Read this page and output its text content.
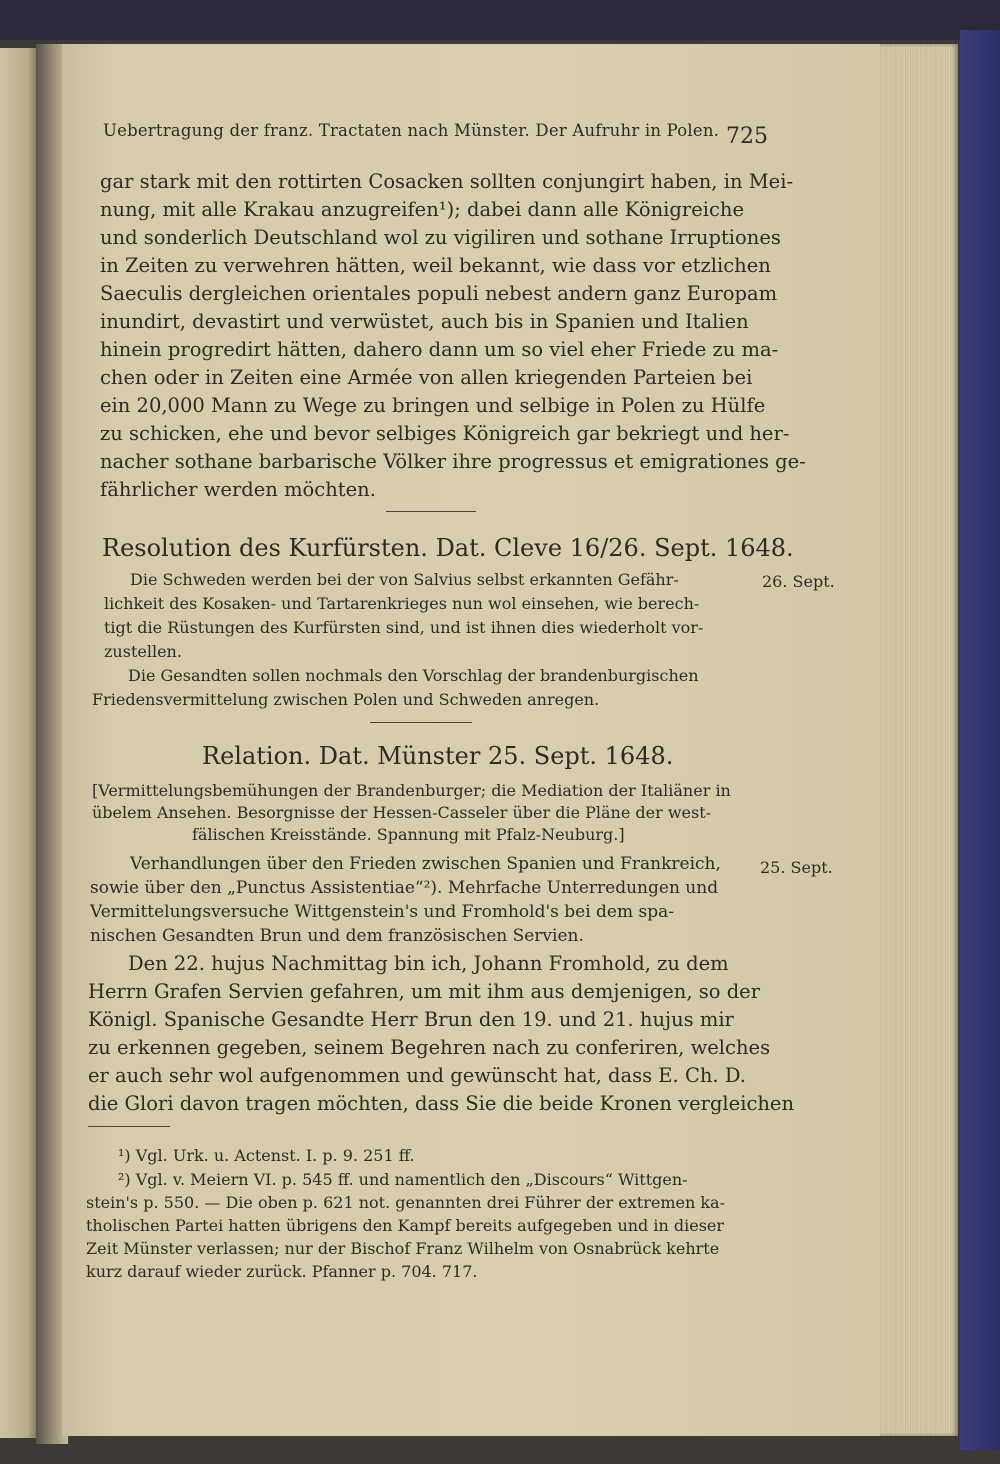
Uebertragung der franz. Tractaten nach Münster. Der Aufruhr in Polen. 725
gar stark mit den rottirten Cosacken sollten conjungirt haben, in Mei-
nung, mit alle Krakau anzugreifen¹); dabei dann alle Königreiche
und sonderlich Deutschland wol zu vigiliren und sothane Irruptiones
in Zeiten zu verwehren hätten, weil bekannt, wie dass vor etzlichen
Saeculis dergleichen orientales populi nebest andern ganz Europam
inundirt, devastirt und verwüstet, auch bis in Spanien und Italien
hinein progredirt hätten, dahero dann um so viel eher Friede zu ma-
chen oder in Zeiten eine Armée von allen kriegenden Parteien bei
ein 20,000 Mann zu Wege zu bringen und selbige in Polen zu Hülfe
zu schicken, ehe und bevor selbiges Königreich gar bekriegt und her-
nacher sothane barbarische Völker ihre progressus et emigrationes ge-
fährlicher werden möchten.
Resolution des Kurfürsten. Dat. Cleve 16/26. Sept. 1648.
26. Sept.
Die Schweden werden bei der von Salvius selbst erkannten Gefähr-
lichkeit des Kosaken- und Tartarenkrieges nun wol einsehen, wie berech-
tigt die Rüstungen des Kurfürsten sind, und ist ihnen dies wiederholt vor-
zustellen.
Die Gesandten sollen nochmals den Vorschlag der brandenburgischen
Friedensvermittelung zwischen Polen und Schweden anregen.
Relation. Dat. Münster 25. Sept. 1648.
[Vermittelungsbemühungen der Brandenburger; die Mediation der Italiäner in
übelem Ansehen. Besorgnisse der Hessen-Casseler über die Pläne der west-
fälischen Kreisstände. Spannung mit Pfalz-Neuburg.]
25. Sept.
Verhandlungen über den Frieden zwischen Spanien und Frankreich,
sowie über den „Punctus Assistentiae“²). Mehrfache Unterredungen und
Vermittelungsversuche Wittgenstein's und Fromhold's bei dem spa-
nischen Gesandten Brun und dem französischen Servien.
Den 22. hujus Nachmittag bin ich, Johann Fromhold, zu dem
Herrn Grafen Servien gefahren, um mit ihm aus demjenigen, so der
Königl. Spanische Gesandte Herr Brun den 19. und 21. hujus mir
zu erkennen gegeben, seinem Begehren nach zu conferiren, welches
er auch sehr wol aufgenommen und gewünscht hat, dass E. Ch. D.
die Glori davon tragen möchten, dass Sie die beide Kronen vergleichen
¹) Vgl. Urk. u. Actenst. I. p. 9. 251 ff.
²) Vgl. v. Meiern VI. p. 545 ff. und namentlich den „Discours“ Wittgen-
stein's p. 550. — Die oben p. 621 not. genannten drei Führer der extremen ka-
tholischen Partei hatten übrigens den Kampf bereits aufgegeben und in dieser
Zeit Münster verlassen; nur der Bischof Franz Wilhelm von Osnabrück kehrte
kurz darauf wieder zurück. Pfanner p. 704. 717.
